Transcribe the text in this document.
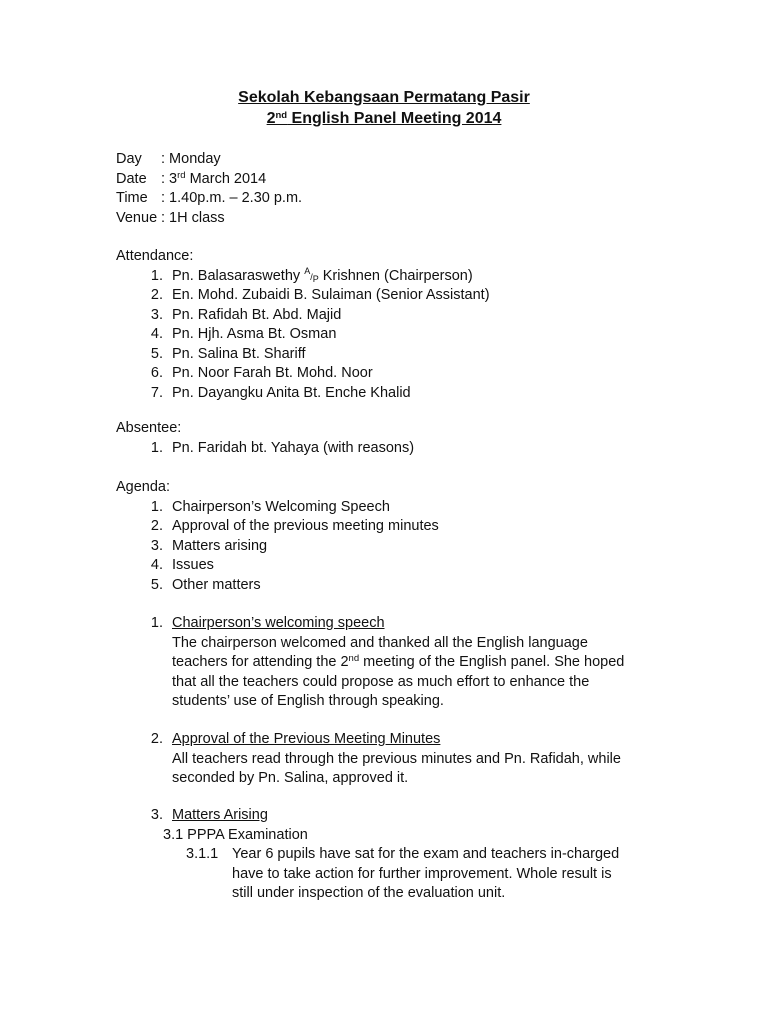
Sekolah Kebangsaan Permatang Pasir
2nd English Panel Meeting 2014
Day	: Monday
Date : 3rd March 2014
Time : 1.40p.m. – 2.30 p.m.
Venue : 1H class
Attendance:
1. Pn. Balasaraswethy A/P Krishnen (Chairperson)
2. En. Mohd. Zubaidi B. Sulaiman (Senior Assistant)
3. Pn. Rafidah Bt. Abd. Majid
4. Pn. Hjh. Asma Bt. Osman
5. Pn. Salina Bt. Shariff
6. Pn. Noor Farah Bt. Mohd. Noor
7. Pn. Dayangku Anita Bt. Enche Khalid
Absentee:
1. Pn. Faridah bt. Yahaya (with reasons)
Agenda:
1. Chairperson’s Welcoming Speech
2. Approval of the previous meeting minutes
3. Matters arising
4. Issues
5. Other matters
1. Chairperson’s welcoming speech

The chairperson welcomed and thanked all the English language

teachers for attending the 2nd meeting of the English panel. She hoped

that all the teachers could propose as much effort to enhance the

students’ use of English through speaking.

2. Approval of the Previous Meeting Minutes

All teachers read through the previous minutes and Pn. Rafidah, while

seconded by Pn. Salina, approved it.

3. Matters Arising
3.1 PPPA Examination
3.1.1 Year 6 pupils have sat for the exam and teachers in-charged
have to take action for further improvement. Whole result is
still under inspection of the evaluation unit.
